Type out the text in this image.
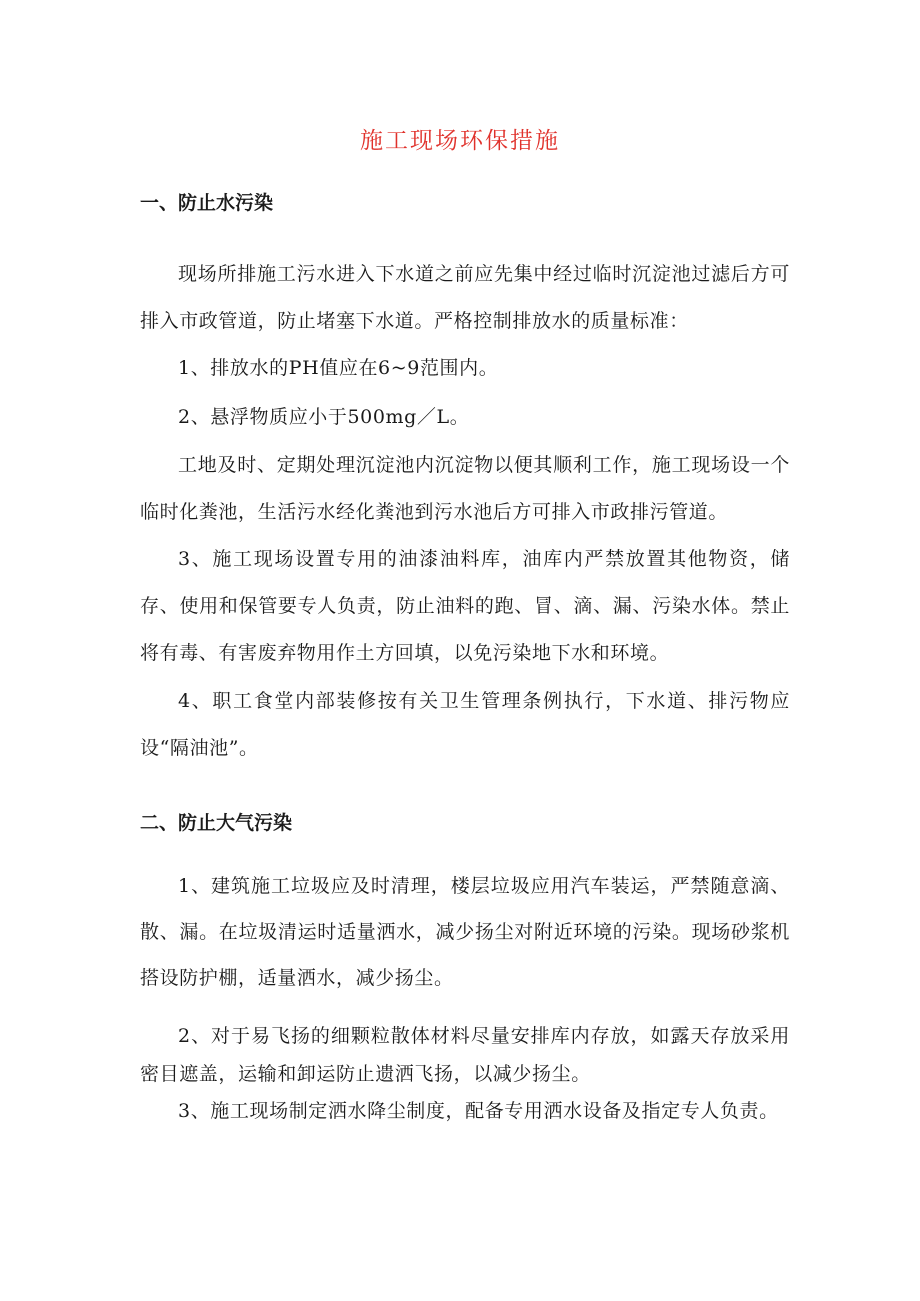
施工现场环保措施
一、防止水污染

现场所排施工污水进入下水道之前应先集中经过临时沉淀池过滤后方可排入市政管道，防止堵塞下水道。严格控制排放水的质量标准：

1、排放水的PH值应在6~9范围内。

2、悬浮物质应小于500mg／L。

工地及时、定期处理沉淀池内沉淀物以便其顺利工作，施工现场设一个临时化粪池，生活污水经化粪池到污水池后方可排入市政排污管道。

3、施工现场设置专用的油漆油料库，油库内严禁放置其他物资，储存、使用和保管要专人负责，防止油料的跑、冒、滴、漏、污染水体。禁止将有毒、有害废弃物用作土方回填，以免污染地下水和环境。

4、职工食堂内部装修按有关卫生管理条例执行，下水道、排污物应设“隔油池”。

二、防止大气污染

1、建筑施工垃圾应及时清理，楼层垃圾应用汽车装运，严禁随意滴、散、漏。在垃圾清运时适量洒水，减少扬尘对附近环境的污染。现场砂浆机搭设防护棚，适量洒水，减少扬尘。

2、对于易飞扬的细颗粒散体材料尽量安排库内存放，如露天存放采用密目遮盖，运输和卸运防止遗洒飞扬，以减少扬尘。

3、施工现场制定洒水降尘制度，配备专用洒水设备及指定专人负责。
